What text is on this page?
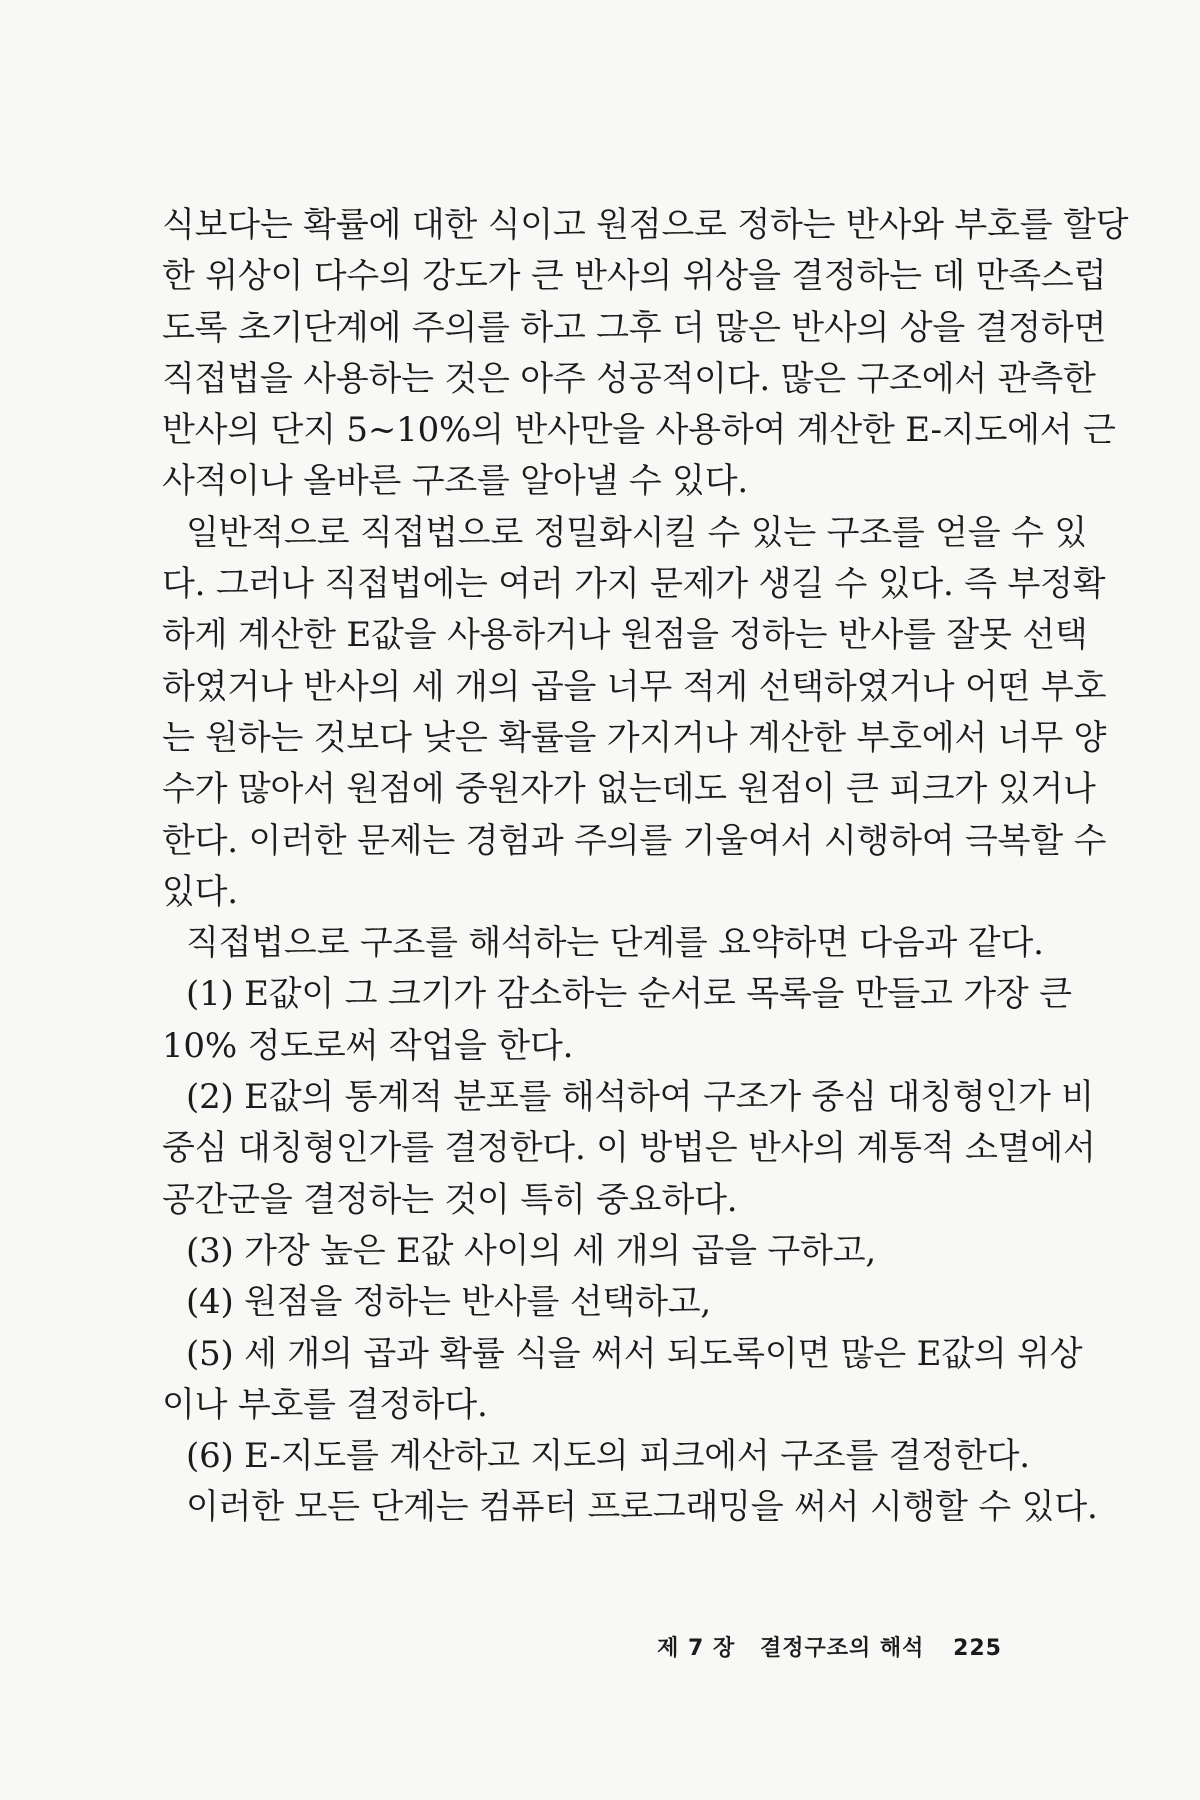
식보다는 확률에 대한 식이고 원점으로 정하는 반사와 부호를 할당
한 위상이 다수의 강도가 큰 반사의 위상을 결정하는 데 만족스럽
도록 초기단계에 주의를 하고 그후 더 많은 반사의 상을 결정하면
직접법을 사용하는 것은 아주 성공적이다. 많은 구조에서 관측한
반사의 단지 5~10%의 반사만을 사용하여 계산한 E-지도에서 근
사적이나 올바른 구조를 알아낼 수 있다.
일반적으로 직접법으로 정밀화시킬 수 있는 구조를 얻을 수 있
다. 그러나 직접법에는 여러 가지 문제가 생길 수 있다. 즉 부정확
하게 계산한 E값을 사용하거나 원점을 정하는 반사를 잘못 선택
하였거나 반사의 세 개의 곱을 너무 적게 선택하였거나 어떤 부호
는 원하는 것보다 낮은 확률을 가지거나 계산한 부호에서 너무 양
수가 많아서 원점에 중원자가 없는데도 원점이 큰 피크가 있거나
한다. 이러한 문제는 경험과 주의를 기울여서 시행하여 극복할 수
있다.
직접법으로 구조를 해석하는 단계를 요약하면 다음과 같다.
(1) E값이 그 크기가 감소하는 순서로 목록을 만들고 가장 큰
10% 정도로써 작업을 한다.
(2) E값의 통계적 분포를 해석하여 구조가 중심 대칭형인가 비
중심 대칭형인가를 결정한다. 이 방법은 반사의 계통적 소멸에서
공간군을 결정하는 것이 특히 중요하다.
(3) 가장 높은 E값 사이의 세 개의 곱을 구하고,
(4) 원점을 정하는 반사를 선택하고,
(5) 세 개의 곱과 확률 식을 써서 되도록이면 많은 E값의 위상
이나 부호를 결정하다.
(6) E-지도를 계산하고 지도의 피크에서 구조를 결정한다.
이러한 모든 단계는 컴퓨터 프로그래밍을 써서 시행할 수 있다.
제 7 장 결정구조의 해석 225
